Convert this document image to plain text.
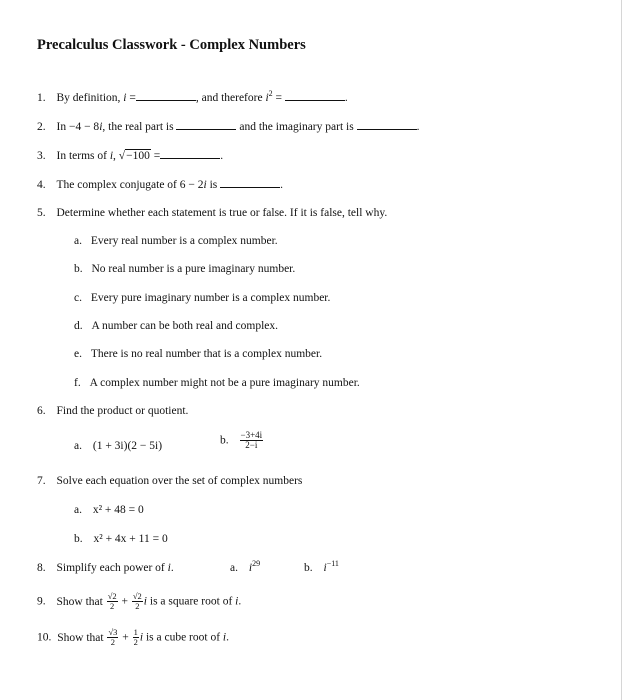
Precalculus Classwork - Complex Numbers
1. By definition, i =	, and therefore $i^2$ =	.
2. In −4 − 8i, the real part is	and the imaginary part is	.
3. In terms of i, √−100 =	.
4. The complex conjugate of 6 − 2i is	.
5. Determine whether each statement is true or false. If it is false, tell why.
a. Every real number is a complex number.
b. No real number is a pure imaginary number.
c. Every pure imaginary number is a complex number.
d. A number can be both real and complex.
e. There is no real number that is a complex number.
f. A complex number might not be a pure imaginary number.
6. Find the product or quotient.
a. (1 + 3i)(2 − 5i)	b. $\frac{-3+4i}{2-i}$
7. Solve each equation over the set of complex numbers
a. x² + 48 = 0
b. x² + 4x + 11 = 0
8. Simplify each power of i.	a. $i^{29}$	b. $i^{-11}$
9. Show that $\frac{√2}{2} + \frac{√2}{2}$ i is a square root of i.
10. Show that $\frac{√3}{2} + \frac{1}{2}$ i is a cube root of i.
